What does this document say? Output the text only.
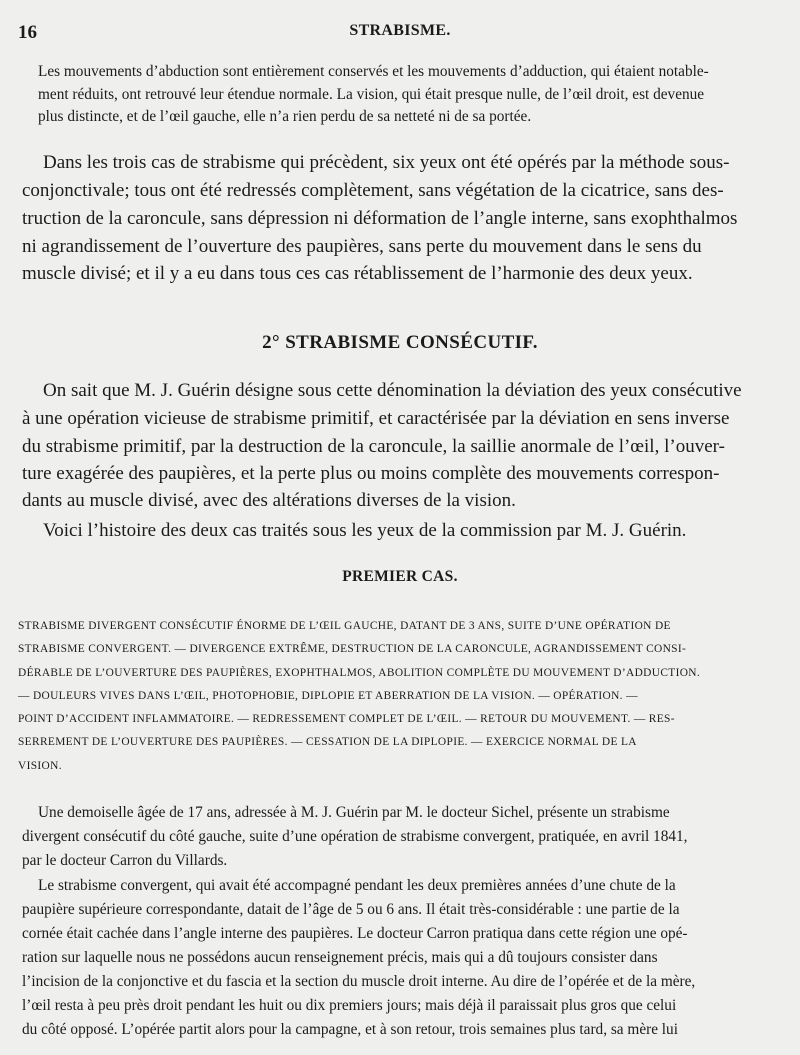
16	STRABISME.
Les mouvements d’abduction sont entièrement conservés et les mouvements d’adduction, qui étaient notable-
ment réduits, ont retrouvé leur étendue normale. La vision, qui était presque nulle, de l’œil droit, est devenue
plus distincte, et de l’œil gauche, elle n’a rien perdu de sa netteté ni de sa portée.
Dans les trois cas de strabisme qui précèdent, six yeux ont été opérés par la méthode sous-
conjonctivale; tous ont été redressés complètement, sans végétation de la cicatrice, sans des-
truction de la caroncule, sans dépression ni déformation de l’angle interne, sans exophthalmos
ni agrandissement de l’ouverture des paupières, sans perte du mouvement dans le sens du
muscle divisé; et il y a eu dans tous ces cas rétablissement de l’harmonie des deux yeux.
2° STRABISME CONSÉCUTIF.
On sait que M. J. Guérin désigne sous cette dénomination la déviation des yeux consécutive
à une opération vicieuse de strabisme primitif, et caractérisée par la déviation en sens inverse
du strabisme primitif, par la destruction de la caroncule, la saillie anormale de l’œil, l’ouver-
ture exagérée des paupières, et la perte plus ou moins complète des mouvements correspon-
dants au muscle divisé, avec des altérations diverses de la vision.
Voici l’histoire des deux cas traités sous les yeux de la commission par M. J. Guérin.
PREMIER CAS.
STRABISME DIVERGENT CONSÉCUTIF ÉNORME DE L’ŒIL GAUCHE, DATANT DE 3 ANS, SUITE D’UNE OPÉRATION DE
STRABISME CONVERGENT. — DIVERGENCE EXTRÊME, DESTRUCTION DE LA CARONCULE, AGRANDISSEMENT CONSI-
DÉRABLE DE L’OUVERTURE DES PAUPIÈRES, EXOPHTHALMOS, ABOLITION COMPLÈTE DU MOUVEMENT D’ADDUCTION.
— DOULEURS VIVES DANS L’ŒIL, PHOTOPHOBIE, DIPLOPIE ET ABERRATION DE LA VISION. — OPÉRATION. —
POINT D’ACCIDENT INFLAMMATOIRE. — REDRESSEMENT COMPLET DE L’ŒIL. — RETOUR DU MOUVEMENT. — RES-
SERREMENT DE L’OUVERTURE DES PAUPIÈRES. — CESSATION DE LA DIPLOPIE. — EXERCICE NORMAL DE LA
VISION.
Une demoiselle âgée de 17 ans, adressée à M. J. Guérin par M. le docteur Sichel, présente un strabisme
divergent consécutif du côté gauche, suite d’une opération de strabisme convergent, pratiquée, en avril 1841,
par le docteur Carron du Villards.
Le strabisme convergent, qui avait été accompagné pendant les deux premières années d’une chute de la
paupière supérieure correspondante, datait de l’âge de 5 ou 6 ans. Il était très-considérable : une partie de la
cornée était cachée dans l’angle interne des paupières. Le docteur Carron pratiqua dans cette région une opé-
ration sur laquelle nous ne possédons aucun renseignement précis, mais qui a dû toujours consister dans
l’incision de la conjonctive et du fascia et la section du muscle droit interne. Au dire de l’opérée et de la mère,
l’œil resta à peu près droit pendant les huit ou dix premiers jours; mais déjà il paraissait plus gros que celui
du côté opposé. L’opérée partit alors pour la campagne, et à son retour, trois semaines plus tard, sa mère lui
